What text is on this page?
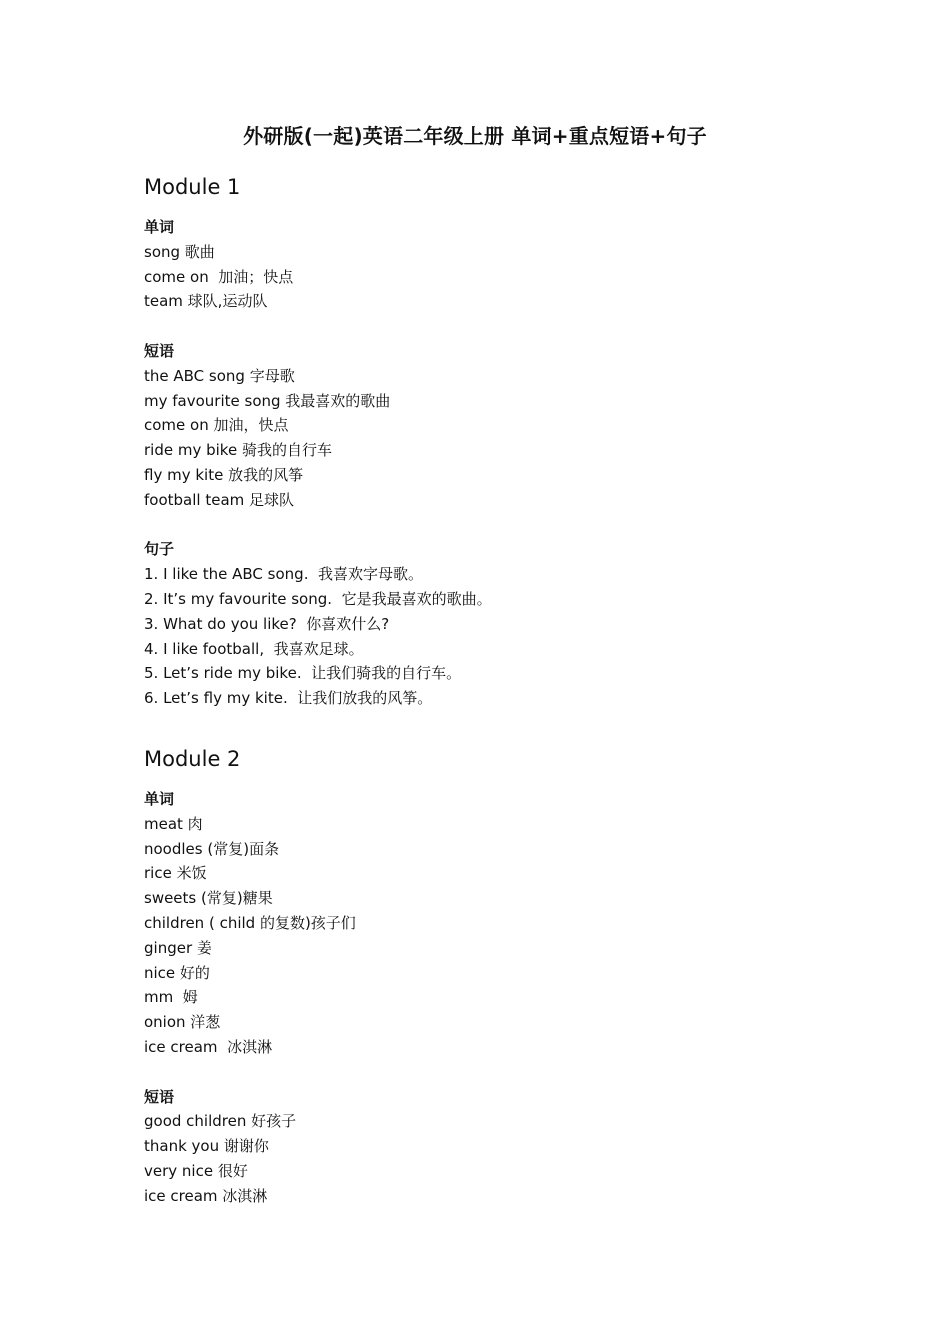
外研版(一起)英语二年级上册 单词+重点短语+句子
Module 1
单词
song 歌曲
come on  加油；快点
team 球队,运动队
短语
the ABC song 字母歌
my favourite song 我最喜欢的歌曲
come on 加油，快点
ride my bike 骑我的自行车
fly my kite 放我的风筝
football team 足球队
句子
1. I like the ABC song.  我喜欢字母歌。
2. It’s my favourite song.  它是我最喜欢的歌曲。
3. What do you like?  你喜欢什么?
4. I like football,  我喜欢足球。
5. Let’s ride my bike.  让我们骑我的自行车。
6. Let’s fly my kite.  让我们放我的风筝。
Module 2
单词
meat 肉
noodles (常复)面条
rice 米饭
sweets (常复)糖果
children ( child 的复数)孩子们
ginger 姜
nice 好的
mm  姆
onion 洋葱
ice cream  冰淇淋
短语
good children 好孩子
thank you 谢谢你
very nice 很好
ice cream 冰淇淋
